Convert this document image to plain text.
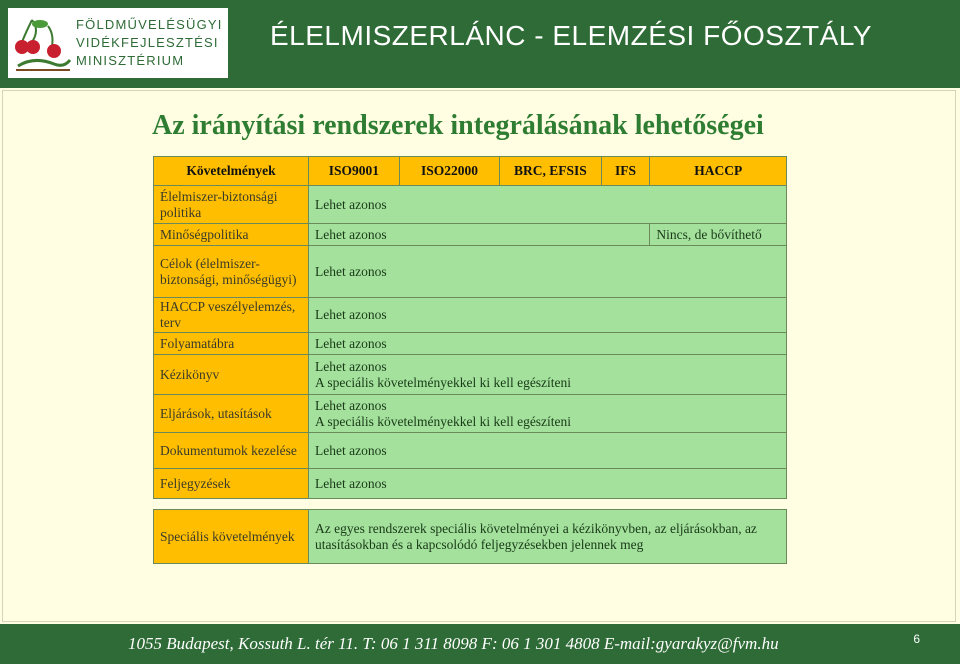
FÖLDMŰVELÉSÜGYI ÉS
VIDÉKFEJLESZTÉSI
MINISZTÉRIUM
ÉLELMISZERLÁNC - ELEMZÉSI FŐOSZTÁLY
Az irányítási rendszerek integrálásának lehetőségei
Követelmények	ISO9001	ISO22000	BRC, EFSIS	IFS	HACCP
Élelmiszer-biztonsági politika	Lehet azonos				
Minőségpolitika	Lehet azonos				Nincs, de bővíthető
Célok (élelmiszer-biztonsági, minőségügyi)	Lehet azonos				
HACCP veszélyelemzés, terv	Lehet azonos				
Folyamatábra	Lehet azonos				
Kézikönyv	Lehet azonos
A speciális követelményekkel ki kell egészíteni				

Eljárások, utasítások	Lehet azonos
A speciális követelményekkel ki kell egészíteni				

Dokumentumok kezelése	Lehet azonos				
Feljegyzések	Lehet azonos				

Speciális követelmények	Az egyes rendszerek speciális követelményei a kézikönyvben, az eljárásokban, az utasításokban és a kapcsolódó feljegyzésekben jelennek meg				
1055 Budapest, Kossuth L. tér 11. T: 06 1 311 8098 F: 06 1 301 4808 E-mail:gyarakyz@fvm.hu	6
